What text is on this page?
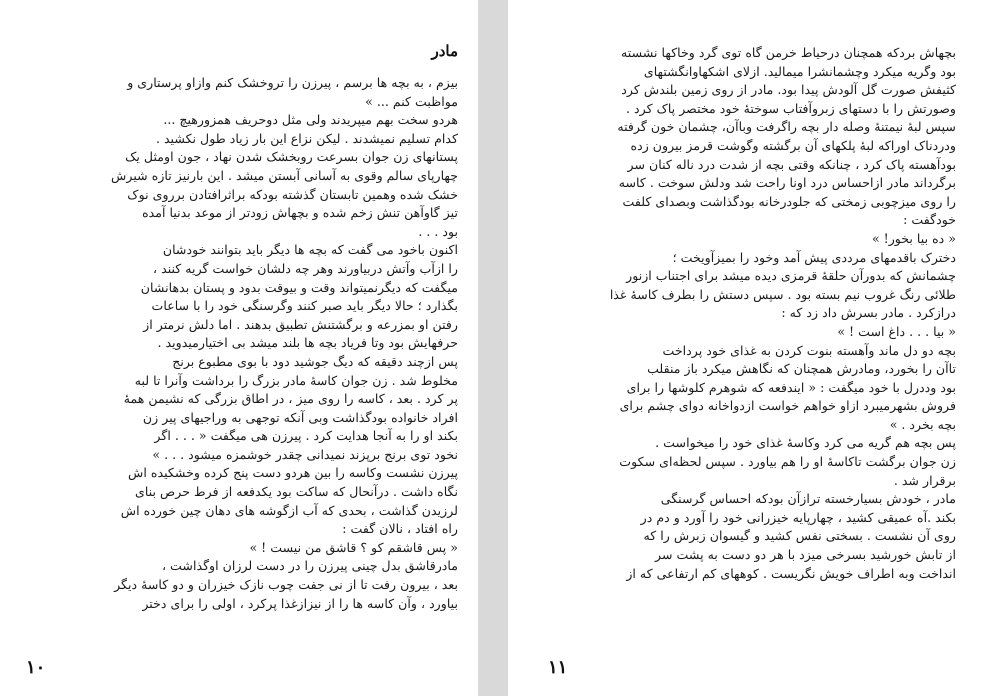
مادر

بیزم ، به بچه ها برسم ، پیرزن را تروخشک کنم وازاو پرستاری و

مواظبت کنم ... »

هردو سخت بهم میپریدند ولی مثل دوحریف همزورهیچ ...

کدام تسلیم نمیشدند . لیکن نزاع این بار زیاد طول نکشید .

پستانهای زن جوان بسرعت روبخشک شدن نهاد ، جون اومثل یک

چهارپای سالم وقوی به آسانی آبستن میشد . این بارنیز تازه شیرش

خشک شده وهمین تابستان گذشته بودکه براثرافتادن برروی نوک

تیز گاوآهن تنش زخم شده و بچهاش زودتر از موعد بدنیا آمده

بود . . .

اکنون باخود می گفت که بچه ها دیگر باید بتوانند خودشان

را ازآب وآتش دربیاورند وهر چه دلشان خواست گریه کنند ،

میگفت که دیگرنمیتواند وقت و بیوقت بدود و پستان بدهانشان

بگذارد ؛ حالا دیگر باید صبر کنند وگرسنگی خود را با ساعات

رفتن او بمزرعه و برگشتنش تطبیق بدهند . اما دلش نرمتر از

حرفهایش بود وتا فریاد بچه ها بلند میشد بی اختیارمیدوید .

پس ازچند دقیقه که دیگ جوشید دود با بوی مطبوع برنج

مخلوط شد . زن جوان کاسهٔ مادر بزرگ را برداشت وآنرا تا لبه

پر کرد . بعد ، کاسه را روی میز ، در اطاق بزرگی که نشیمن همهٔ

افراد خانواده بودگذاشت وبی آنکه توجهی به وراجیهای پیر زن

بکند او را به آنجا هدایت کرد . پیرزن هی میگفت « . . . اگر

نخود توی برنج برپزند نمیدانی چقدر خوشمزه میشود . . . »

پیرزن نشست وکاسه را بین هردو دست پنج کرده وخشکیده اش

نگاه داشت . درآنحال که ساکت بود یکدفعه از فرط حرص بنای

لرزیدن گذاشت ، بحدی که آب ازگوشه های دهان چین خورده اش

راه افتاد ، نالان گفت :

« پس قاشقم کو ؟ قاشق من نیست ! »

مادرقاشق بدل چینی پیرزن را در دست لرزان اوگذاشت ،

بعد ، بیرون رفت تا از نی جفت چوب نازک خیزران و دو کاسهٔ دیگر

بیاورد ، وآن کاسه ها را از نیزازغذا پرکرد ، اولی را برای دختر

۱۰

بچهاش بردکه همچنان درحیاط خرمن گاه توی گرد وخاکها نشسته

بود وگریه میکرد وچشمانشرا میمالید. ازلای اشکهاوانگشتهای

کثیفش صورت گل آلودش پیدا بود. مادر از روی زمین بلندش کرد

وصورتش را با دستهای زبروآفتاب سوختهٔ خود مختصر پاک کرد .

سپس لبهٔ نیمتنهٔ وصله دار بچه راگرفت وباآن، چشمان خون گرفته

ودردناک اوراکه لبهٔ پلکهای آن برگشته وگوشت قرمز بیرون زده

بودآهسته پاک کرد ، چنانکه وقتی بچه از شدت درد ناله کنان سر

برگرداند مادر ازاحساس درد اونا راحت شد ودلش سوخت . کاسه

را روی میزچوبی زمختی که جلودرخانه بودگذاشت وبصدای کلفت

خودگفت :

« ده بیا بخور! »

دخترک باقدمهای مرددی پیش آمد وخود را بمیزآویخت ؛

چشمانش که بدورآن حلقهٔ قرمزی دیده میشد برای اجتناب ازنور

طلائی رنگ غروب نیم بسته بود . سپس دستش را بطرف کاسهٔ غذا

درازکرد . مادر بسرش داد زد که :

« بیا . . . داغ است ! »

بچه دو دل ماند وآهسته بنوت کردن به غذای خود پرداخت

تاآن را بخورد، ومادرش همچنان که نگاهش میکرد باز منقلب

بود وددرل با خود میگفت : « ایندفعه که شوهرم کلوشها را برای

فروش بشهرمیبرد ازاو خواهم خواست ازدواخانه دوای چشم برای

بچه بخرد . »

پس بچه هم گریه می کرد وکاسهٔ غذای خود را میخواست .

زن جوان برگشت تاکاسهٔ او را هم بیاورد . سپس لحظه‌ای سکوت

برقرار شد .

مادر ، خودش بسیارخسته ترازآن بودکه احساس گرسنگی

بکند .آه عمیقی کشید ، چهارپایه خیزرانی خود را آورد و دم در

روی آن نشست . بسختی نفس کشید و گیسوان زبرش را که

از تابش خورشید بسرخی میزد با هر دو دست به پشت سر

انداخت وبه اطراف خویش نگریست . کوههای کم ارتفاعی که از

۱۱
